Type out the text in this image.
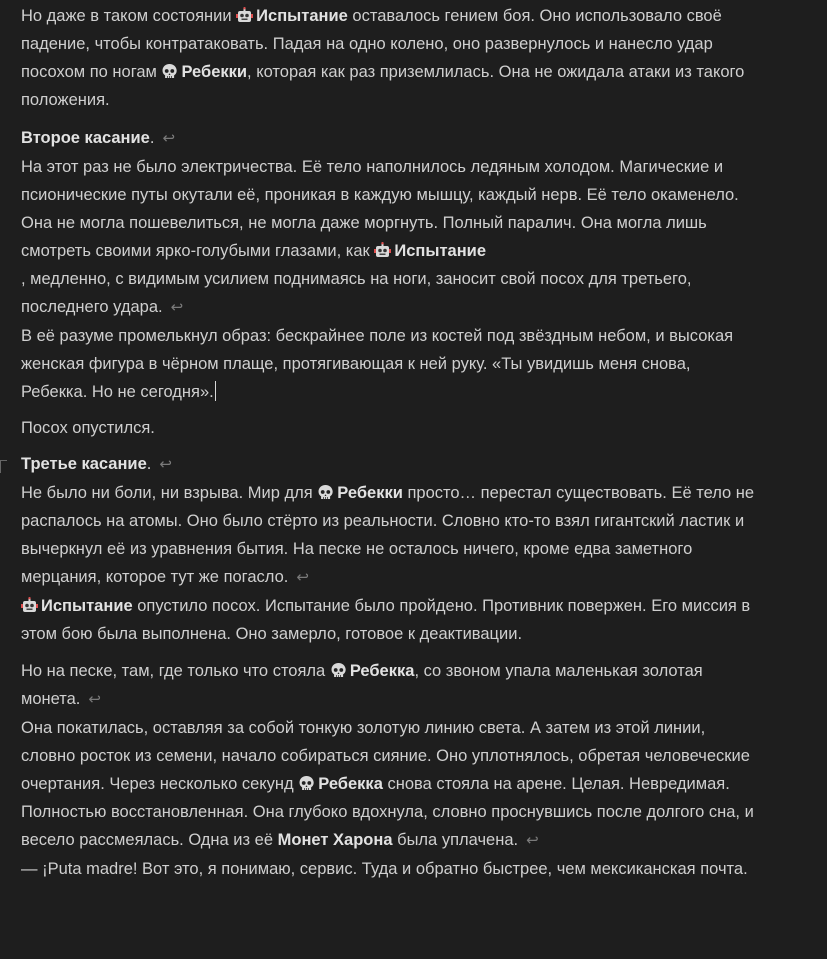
Но даже в таком состоянии Испытание оставалось гением боя. Оно использовало своё падение, чтобы контратаковать. Падая на одно колено, оно развернулось и нанесло удар посохом по ногам Ребекки, которая как раз приземлилась. Она не ожидала атаки из такого положения.

Второе касание. ↩

На этот раз не было электричества. Её тело наполнилось ледяным холодом. Магические и псионические путы окутали её, проникая в каждую мышцу, каждый нерв. Её тело окаменело. Она не могла пошевелиться, не могла даже моргнуть. Полный паралич. Она могла лишь смотреть своими ярко-голубыми глазами, как Испытание
, медленно, с видимым усилием поднимаясь на ноги, заносит свой посох для третьего, последнего удара. ↩

В её разуме промелькнул образ: бескрайнее поле из костей под звёздным небом, и высокая женская фигура в чёрном плаще, протягивающая к ней руку. «Ты увидишь меня снова, Ребекка. Но не сегодня».

Посох опустился.

Третье касание. ↩

Не было ни боли, ни взрыва. Мир для Ребекки просто… перестал существовать. Её тело не распалось на атомы. Оно было стёрто из реальности. Словно кто-то взял гигантский ластик и вычеркнул её из уравнения бытия. На песке не осталось ничего, кроме едва заметного мерцания, которое тут же погасло. ↩

Испытание опустило посох. Испытание было пройдено. Противник повержен. Его миссия в этом бою была выполнена. Оно замерло, готовое к деактивации.

Но на песке, там, где только что стояла Ребекка, со звоном упала маленькая золотая монета. ↩

Она покатилась, оставляя за собой тонкую золотую линию света. А затем из этой линии, словно росток из семени, начало собираться сияние. Оно уплотнялось, обретая человеческие очертания. Через несколько секунд Ребекка снова стояла на арене. Целая. Невредимая. Полностью восстановленная. Она глубоко вдохнула, словно проснувшись после долгого сна, и весело рассмеялась. Одна из её Монет Харона была уплачена. ↩

— ¡Puta madre! Вот это, я понимаю, сервис. Туда и обратно быстрее, чем мексиканская почта.
